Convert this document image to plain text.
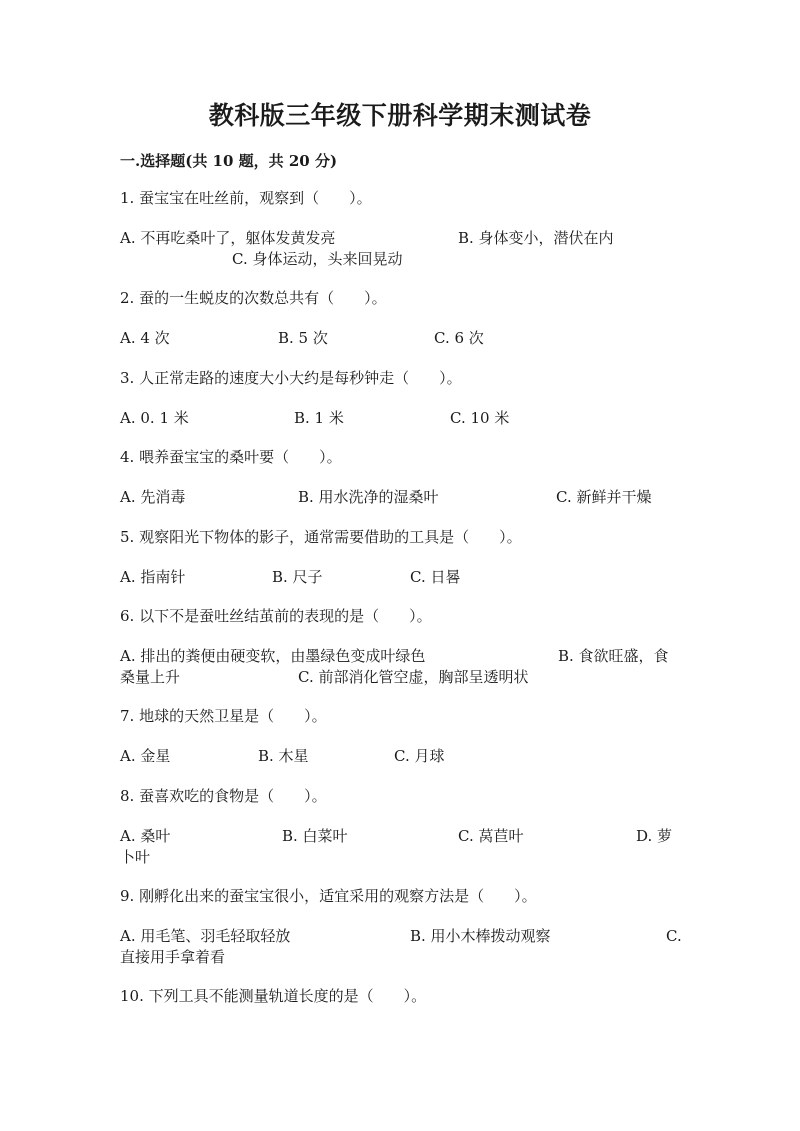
教科版三年级下册科学期末测试卷
一.选择题(共 10 题，共 20 分)
1. 蚕宝宝在吐丝前，观察到（　　）。
A. 不再吃桑叶了，躯体发黄发亮	B. 身体变小，潜伏在内
C. 身体运动，头来回晃动
2. 蚕的一生蜕皮的次数总共有（　　）。
A. 4 次	B. 5 次	C. 6 次
3. 人正常走路的速度大小大约是每秒钟走（　　）。
A. 0. 1 米	B. 1 米	C. 10 米
4. 喂养蚕宝宝的桑叶要（　　）。
A. 先消毒	B. 用水洗净的湿桑叶	C. 新鲜并干燥
5. 观察阳光下物体的影子，通常需要借助的工具是（　　）。
A. 指南针	B. 尺子	C. 日晷
6. 以下不是蚕吐丝结茧前的表现的是（　　）。
A. 排出的粪便由硬变软，由墨绿色变成叶绿色	B. 食欲旺盛，食
桑量上升	C. 前部消化管空虚，胸部呈透明状
7. 地球的天然卫星是（　　）。
A. 金星	B. 木星	C. 月球
8. 蚕喜欢吃的食物是（　　）。
A. 桑叶	B. 白菜叶	C. 莴苣叶	D. 萝
卜叶
9. 刚孵化出来的蚕宝宝很小，适宜采用的观察方法是（　　）。
A. 用毛笔、羽毛轻取轻放	B. 用小木棒拨动观察	C.
直接用手拿着看
10. 下列工具不能测量轨道长度的是（　　）。
